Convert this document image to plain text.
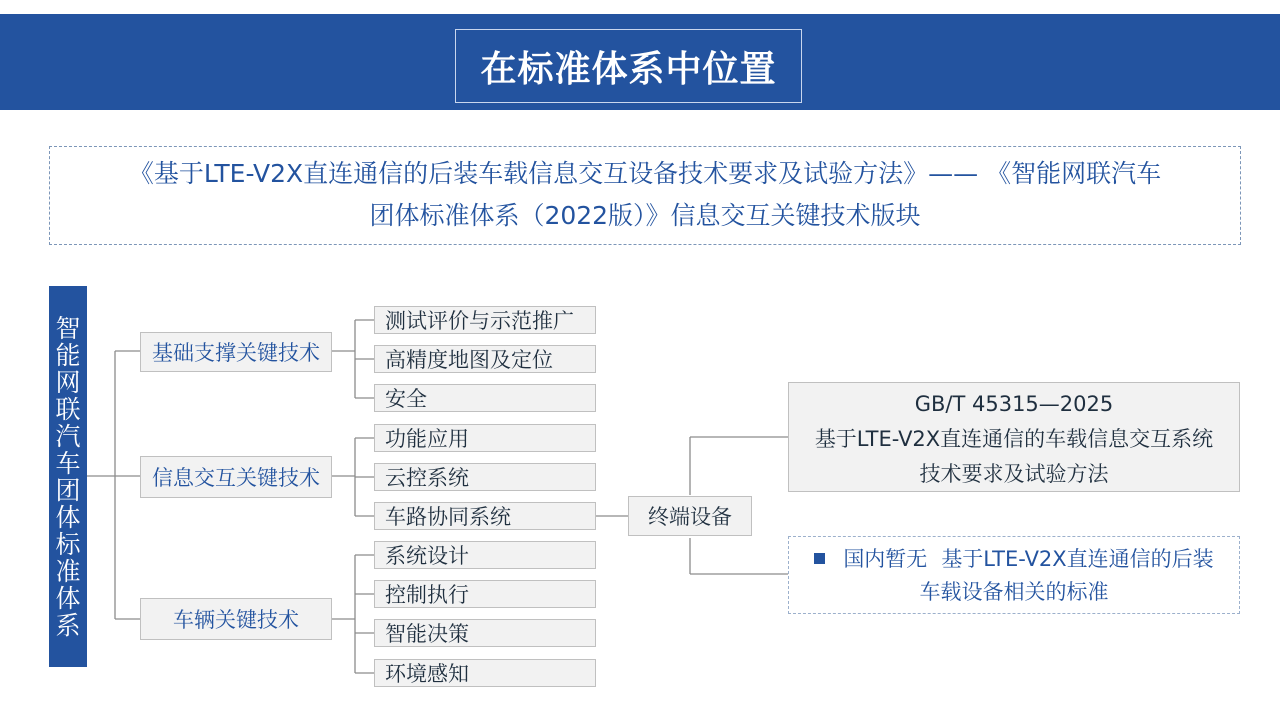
在标准体系中位置
《基于LTE-V2X直连通信的后装车载信息交互设备技术要求及试验方法》—— 《智能网联汽车
团体标准体系（2022版）》信息交互关键技术版块
智
能
网
联
汽
车
团
体
标
准
体
系
基础支撑关键技术
信息交互关键技术
车辆关键技术
测试评价与示范推广
高精度地图及定位
安全
功能应用
云控系统
车路协同系统
系统设计
控制执行
智能决策
环境感知
终端设备
GB/T 45315—2025
基于LTE-V2X直连通信的车载信息交互系统
技术要求及试验方法
国内暂无 基于LTE-V2X直连通信的后装
车载设备相关的标准
